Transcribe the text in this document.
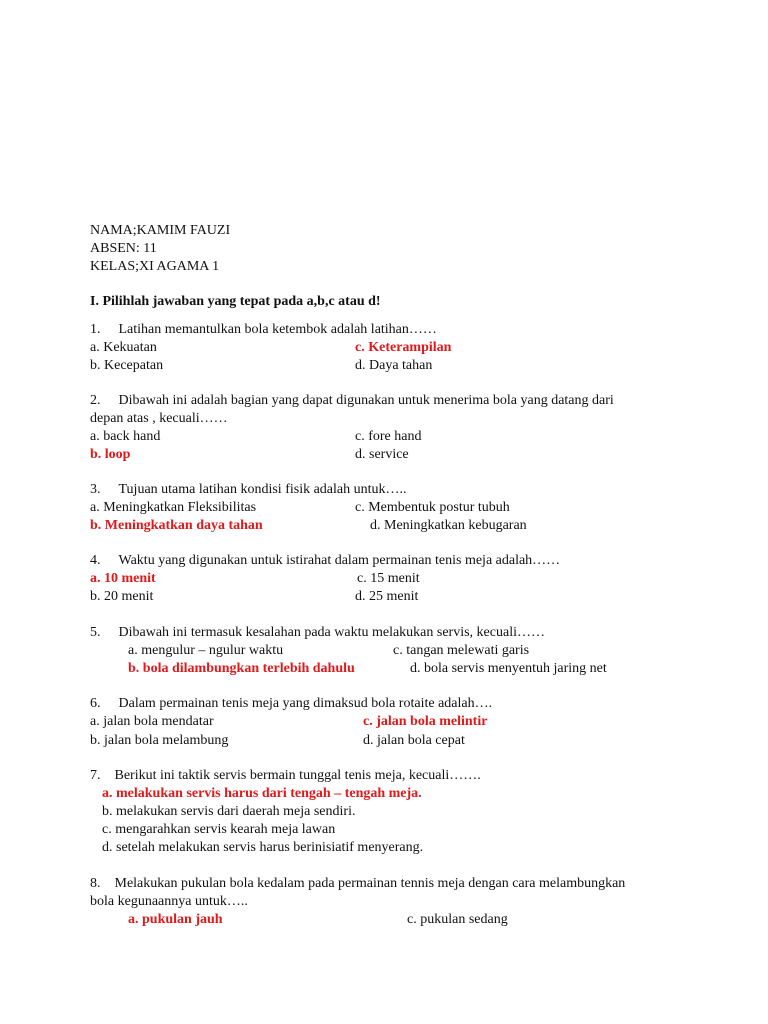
NAMA;KAMIM FAUZI
ABSEN: 11
KELAS;XI AGAMA 1
I. Pilihlah jawaban yang tepat pada a,b,c atau d!
1. Latihan memantulkan bola ketembok adalah latihan……
a. Kekuatan	c. Keterampilan
b. Kecepatan	d. Daya tahan
2. Dibawah ini adalah bagian yang dapat digunakan untuk menerima bola yang datang dari
depan atas , kecuali……
a. back hand	c. fore hand
b. loop	d. service
3. Tujuan utama latihan kondisi fisik adalah untuk…..
a. Meningkatkan Fleksibilitas	c. Membentuk postur tubuh
b. Meningkatkan daya tahan	d. Meningkatkan kebugaran
4. Waktu yang digunakan untuk istirahat dalam permainan tenis meja adalah……
a. 10 menit	c. 15 menit
b. 20 menit	d. 25 menit
5. Dibawah ini termasuk kesalahan pada waktu melakukan servis, kecuali……
a. mengulur – ngulur waktu	c. tangan melewati garis
b. bola dilambungkan terlebih dahulu	d. bola servis menyentuh jaring net
6. Dalam permainan tenis meja yang dimaksud bola rotaite adalah….
a. jalan bola mendatar	c. jalan bola melintir
b. jalan bola melambung	d. jalan bola cepat
7. Berikut ini taktik servis bermain tunggal tenis meja, kecuali…….
a. melakukan servis harus dari tengah – tengah meja.
b. melakukan servis dari daerah meja sendiri.
c. mengarahkan servis kearah meja lawan
d. setelah melakukan servis harus berinisiatif menyerang.
8. Melakukan pukulan bola kedalam pada permainan tennis meja dengan cara melambungkan
bola kegunaannya untuk…..
a. pukulan jauh	c. pukulan sedang
